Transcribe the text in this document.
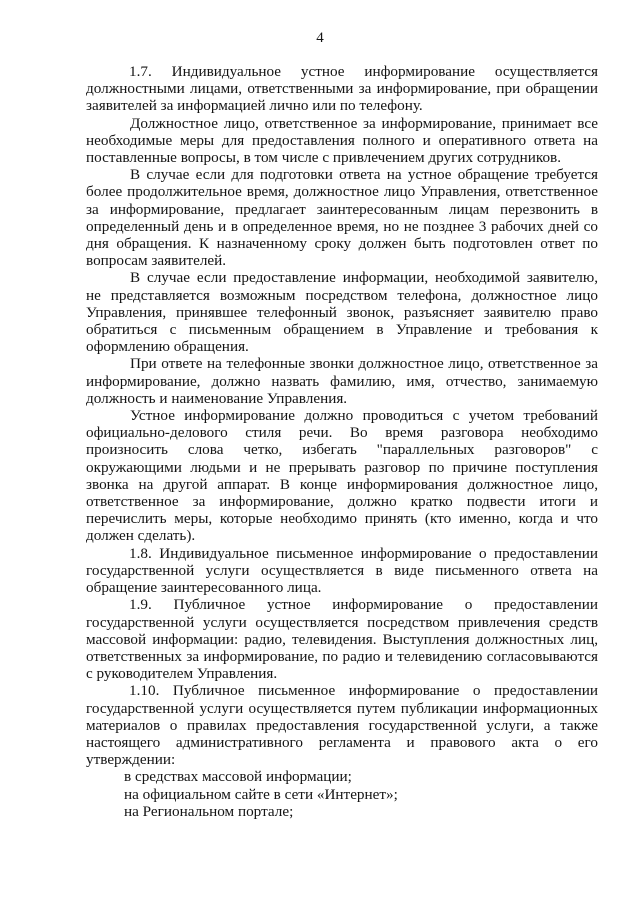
4

1.7. Индивидуальное устное информирование осуществляется должностными лицами, ответственными за информирование, при обращении заявителей за информацией лично или по телефону.

Должностное лицо, ответственное за информирование, принимает все необходимые меры для предоставления полного и оперативного ответа на поставленные вопросы, в том числе с привлечением других сотрудников.

В случае если для подготовки ответа на устное обращение требуется более продолжительное время, должностное лицо Управления, ответственное за информирование, предлагает заинтересованным лицам перезвонить в определенный день и в определенное время, но не позднее 3 рабочих дней со дня обращения. К назначенному сроку должен быть подготовлен ответ по вопросам заявителей.

В случае если предоставление информации, необходимой заявителю, не представляется возможным посредством телефона, должностное лицо Управления, принявшее телефонный звонок, разъясняет заявителю право обратиться с письменным обращением в Управление и требования к оформлению обращения.

При ответе на телефонные звонки должностное лицо, ответственное за информирование, должно назвать фамилию, имя, отчество, занимаемую должность и наименование Управления.

Устное информирование должно проводиться с учетом требований официально-делового стиля речи. Во время разговора необходимо произносить слова четко, избегать "параллельных разговоров" с окружающими людьми и не прерывать разговор по причине поступления звонка на другой аппарат. В конце информирования должностное лицо, ответственное за информирование, должно кратко подвести итоги и перечислить меры, которые необходимо принять (кто именно, когда и что должен сделать).

1.8. Индивидуальное письменное информирование о предоставлении государственной услуги осуществляется в виде письменного ответа на обращение заинтересованного лица.

1.9. Публичное устное информирование о предоставлении государственной услуги осуществляется посредством привлечения средств массовой информации: радио, телевидения. Выступления должностных лиц, ответственных за информирование, по радио и телевидению согласовываются с руководителем Управления.

1.10. Публичное письменное информирование о предоставлении государственной услуги осуществляется путем публикации информационных материалов о правилах предоставления государственной услуги, а также настоящего административного регламента и правового акта о его утверждении:

в средствах массовой информации;

на официальном сайте в сети «Интернет»;

на Региональном портале;
